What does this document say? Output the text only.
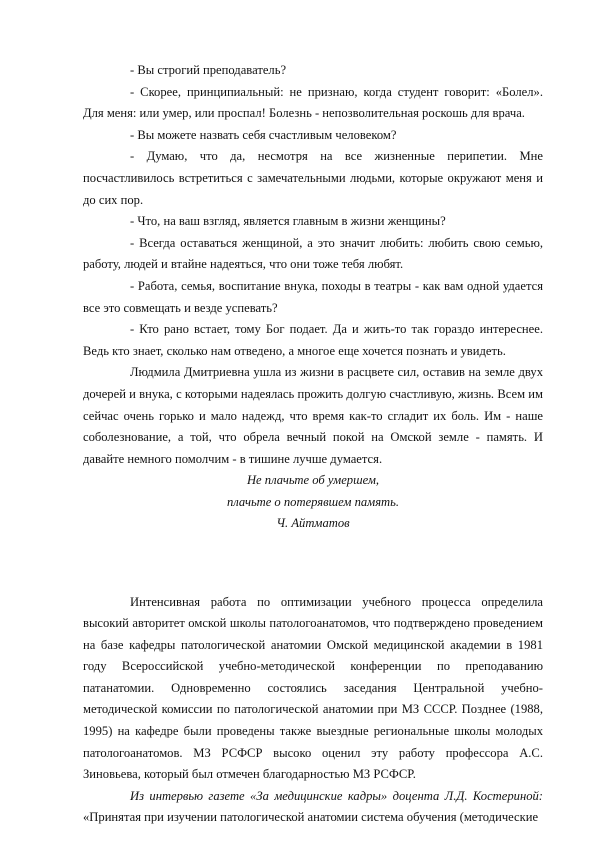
- Вы строгий преподаватель?

- Скорее, принципиальный: не признаю, когда студент говорит: «Болел». Для меня: или умер, или проспал! Болезнь - непозволительная роскошь для врача.

- Вы можете назвать себя счастливым человеком?

- Думаю, что да, несмотря на все жизненные перипетии. Мне посчастливилось встретиться с замечательными людьми, которые окружают меня и до сих пор.

- Что, на ваш взгляд, является главным в жизни женщины?

- Всегда оставаться женщиной, а это значит любить: любить свою семью, работу, людей и втайне надеяться, что они тоже тебя любят.

- Работа, семья, воспитание внука, походы в театры - как вам одной удается все это совмещать и везде успевать?

- Кто рано встает, тому Бог подает. Да и жить-то так гораздо интереснее. Ведь кто знает, сколько нам отведено, а многое еще хочется познать и увидеть.

Людмила Дмитриевна ушла из жизни в расцвете сил, оставив на земле двух дочерей и внука, с которыми надеялась прожить долгую счастливую, жизнь. Всем им сейчас очень горько и мало надежд, что время как-то сгладит их боль. Им - наше соболезнование, а той, что обрела вечный покой на Омской земле - память. И давайте немного помолчим - в тишине лучше думается.

Не плачьте об умершем,

плачьте о потерявшем память.

Ч. Айтматов

Интенсивная работа по оптимизации учебного процесса определила высокий авторитет омской школы патологоанатомов, что подтверждено проведением на базе кафедры патологической анатомии Омской медицинской академии в 1981 году Всероссийской учебно-методической конференции по преподаванию патанатомии. Одновременно состоялись заседания Центральной учебно-методической комиссии по патологической анатомии при МЗ СССР. Позднее (1988, 1995) на кафедре были проведены также выездные региональные школы молодых патологоанатомов. МЗ РСФСР высоко оценил эту работу профессора А.С. Зиновьева, который был отмечен благодарностью МЗ РСФСР.

Из интервью газете «За медицинские кадры» доцента Л.Д. Костериной: «Принятая при изучении патологической анатомии система обучения (методические
